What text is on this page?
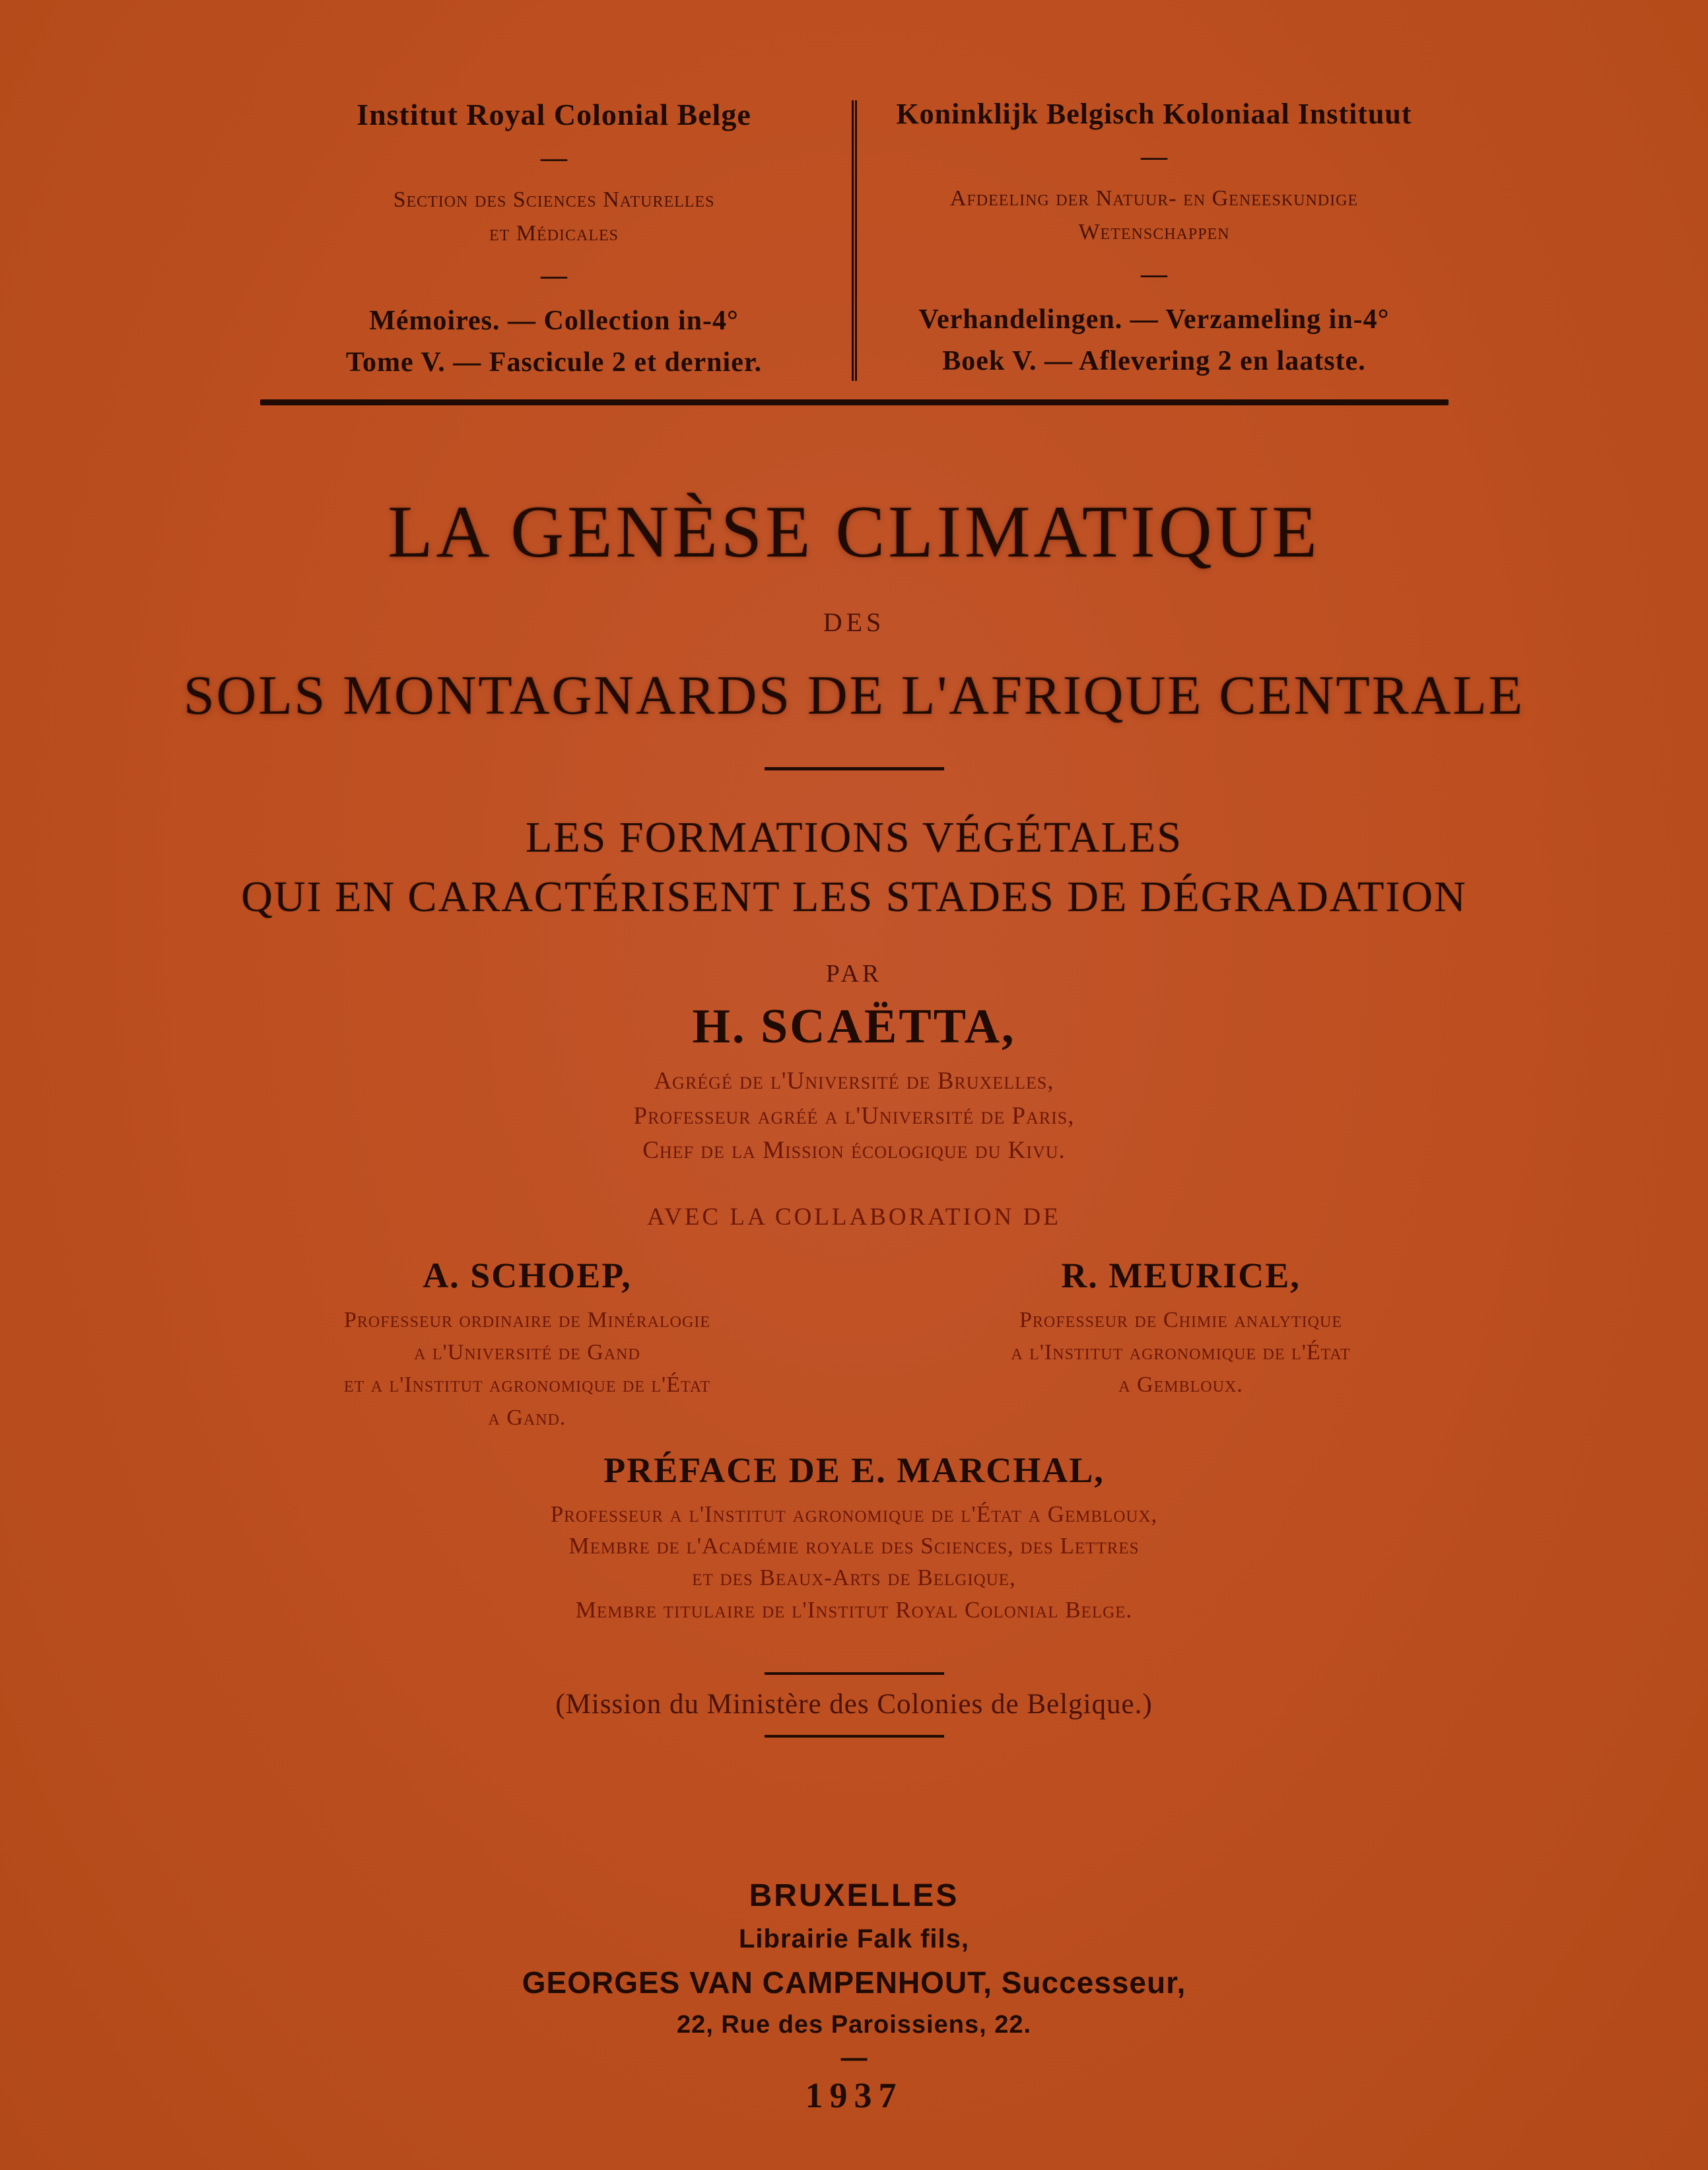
Institut Royal Colonial Belge
—
Section des Sciences Naturelles
et Médicales
—
Mémoires. — Collection in-4°
Tome V. — Fascicule 2 et dernier.
Koninklijk Belgisch Koloniaal Instituut
—
Afdeeling der Natuur- en Geneeskundige
Wetenschappen
—
Verhandelingen. — Verzameling in-4°
Boek V. — Aflevering 2 en laatste.
LA GENÈSE CLIMATIQUE
DES
SOLS MONTAGNARDS DE L'AFRIQUE CENTRALE
LES FORMATIONS VÉGÉTALES
QUI EN CARACTÉRISENT LES STADES DE DÉGRADATION
PAR
H. SCAËTTA,
Agrégé de l'Université de Bruxelles,
Professeur agréé a l'Université de Paris,
Chef de la Mission écologique du Kivu.
AVEC LA COLLABORATION DE
A. SCHOEP,
Professeur ordinaire de Minéralogie
a l'Université de Gand
et a l'Institut agronomique de l'État
a Gand.
R. MEURICE,
Professeur de Chimie analytique
a l'Institut agronomique de l'État
a Gembloux.
PRÉFACE DE E. MARCHAL,
Professeur a l'Institut agronomique de l'État a Gembloux,
Membre de l'Académie royale des Sciences, des Lettres
et des Beaux-Arts de Belgique,
Membre titulaire de l'Institut Royal Colonial Belge.
(Mission du Ministère des Colonies de Belgique.)
BRUXELLES
Librairie Falk fils,
GEORGES VAN CAMPENHOUT, Successeur,
22, Rue des Paroissiens, 22.
—
1937
